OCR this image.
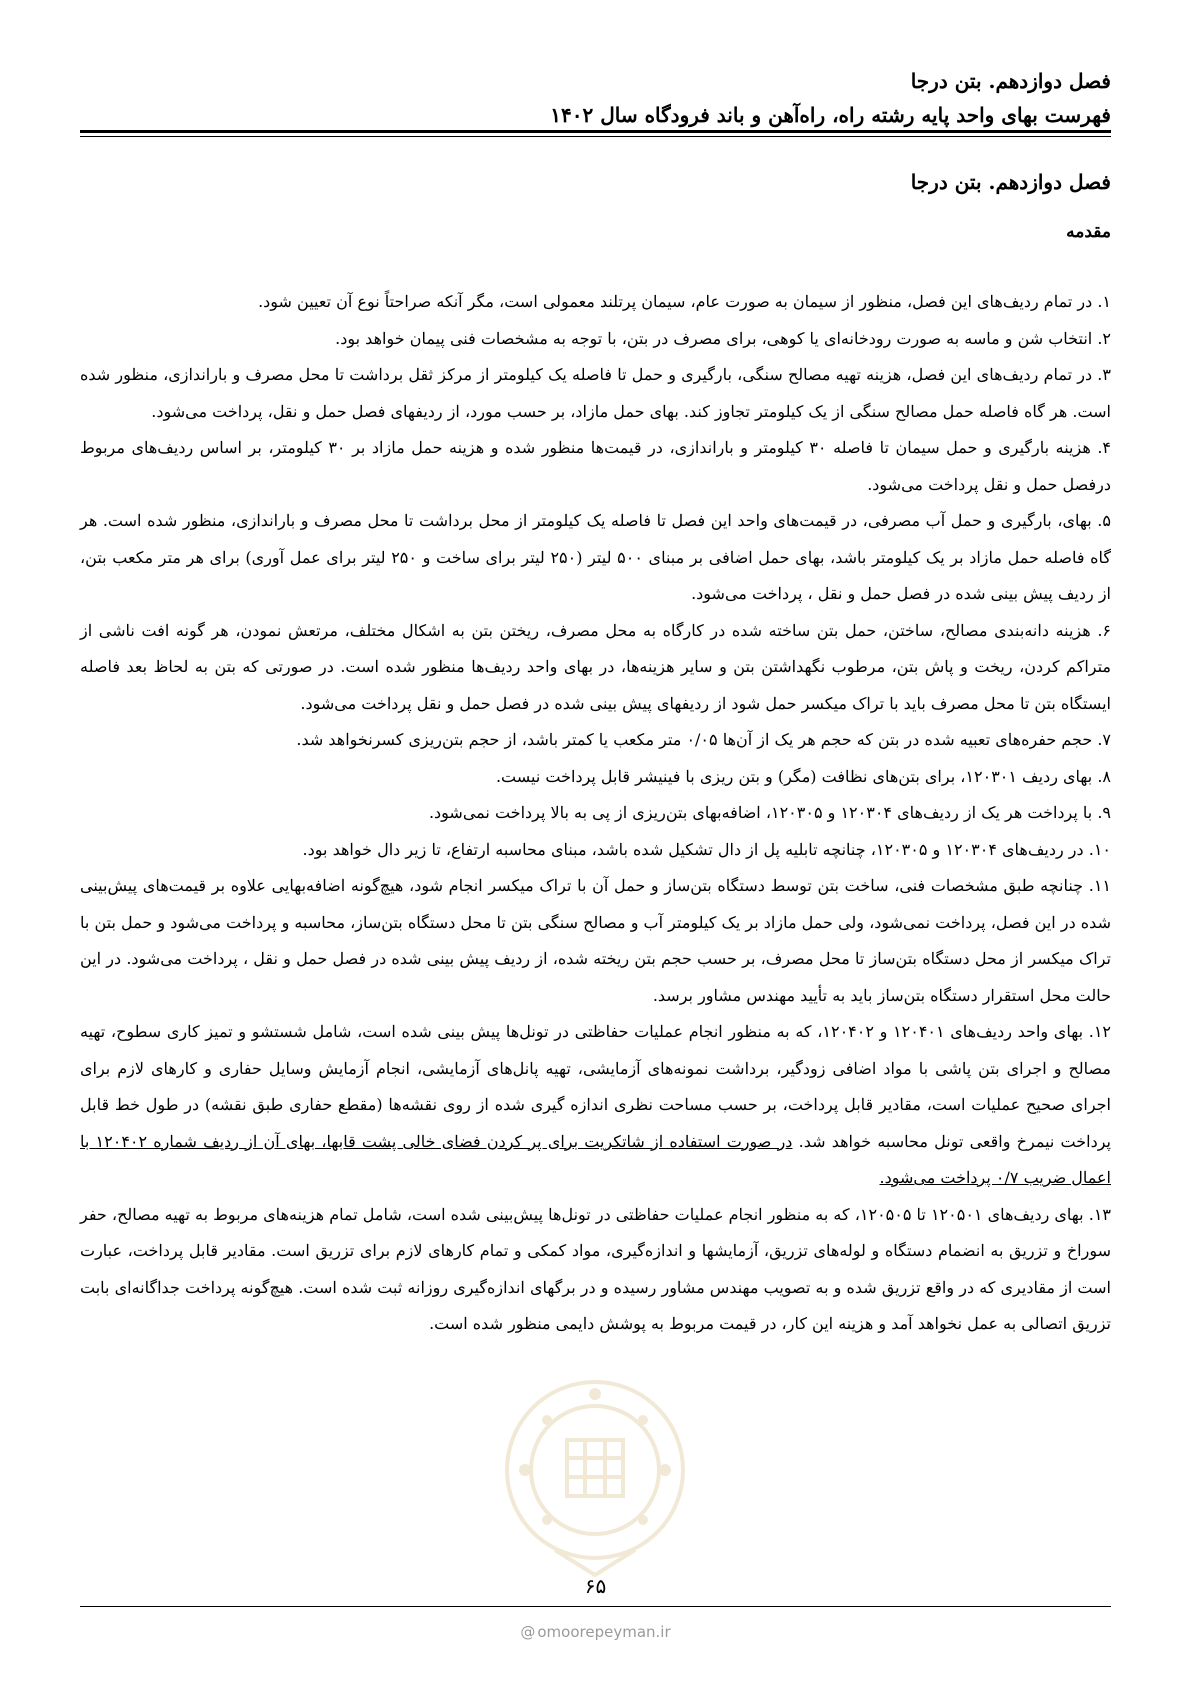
فصل دوازدهم. بتن درجا
فهرست بهای واحد پایه رشته راه، راه‌آهن و باند فرودگاه سال ۱۴۰۲
فصل دوازدهم. بتن درجا
مقدمه

۱. در تمام ردیف‌های این فصل، منظور از سیمان به صورت عام، سیمان پرتلند معمولی است، مگر آنکه صراحتاً نوع آن تعیین شود.

۲. انتخاب شن و ماسه به صورت رودخانه‌ای یا کوهی، برای مصرف در بتن، با توجه به مشخصات فنی پیمان خواهد بود.

۳. در تمام ردیف‌های این فصل، هزینه تهیه مصالح سنگی، بارگیری و حمل تا فاصله یک کیلومتر از مرکز ثقل برداشت تا محل مصرف و باراندازی، منظور شده است. هر گاه فاصله حمل مصالح سنگی از یک کیلومتر تجاوز کند. بهای حمل مازاد، بر حسب مورد، از ردیفهای فصل حمل و نقل، پرداخت می‌شود.

۴. هزینه بارگیری و حمل سیمان تا فاصله ۳۰ کیلومتر و باراندازی، در قیمت‌ها منظور شده و هزینه حمل مازاد بر ۳۰ کیلومتر، بر اساس ردیف‌های مربوط درفصل حمل و نقل پرداخت می‌شود.

۵. بهای، بارگیری و حمل آب مصرفی، در قیمت‌های واحد این فصل تا فاصله یک کیلومتر از محل برداشت تا محل مصرف و باراندازی، منظور شده است. هر گاه فاصله حمل مازاد بر یک کیلومتر باشد، بهای حمل اضافی بر مبنای ۵۰۰ لیتر (۲۵۰ لیتر برای ساخت و ۲۵۰ لیتر برای عمل آوری) برای هر متر مکعب بتن، از ردیف پیش بینی شده در فصل حمل و نقل ، پرداخت می‌شود.

۶. هزینه دانه‌بندی مصالح، ساختن، حمل بتن ساخته شده در کارگاه به محل مصرف، ریختن بتن به اشکال مختلف، مرتعش نمودن، هر گونه افت ناشی از متراکم کردن، ریخت و پاش بتن، مرطوب نگهداشتن بتن و سایر هزینه‌ها، در بهای واحد ردیف‌ها منظور شده است. در صورتی که بتن به لحاظ بعد فاصله ایستگاه بتن تا محل مصرف باید با تراک میکسر حمل شود از ردیفهای پیش بینی شده در فصل حمل و نقل پرداخت می‌شود.

۷. حجم حفره‌های تعبیه شده در بتن که حجم هر یک از آن‌ها ۰/۰۵ متر مکعب یا کمتر باشد، از حجم بتن‌ریزی کسرنخواهد شد.

۸. بهای ردیف ۱۲۰۳۰۱، برای بتن‌های نظافت (مگر) و بتن ریزی با فینیشر قابل پرداخت نیست.

۹. با پرداخت هر یک از ردیف‌های ۱۲۰۳۰۴ و ۱۲۰۳۰۵، اضافه‌بهای بتن‌ریزی از پی به بالا پرداخت نمی‌شود.

۱۰. در ردیف‌های ۱۲۰۳۰۴ و ۱۲۰۳۰۵، چنانچه تابلیه پل از دال تشکیل شده باشد، مبنای محاسبه ارتفاع، تا زیر دال خواهد بود.

۱۱. چنانچه طبق مشخصات فنی، ساخت بتن توسط دستگاه بتن‌ساز و حمل آن با تراک میکسر انجام شود، هیچ‌گونه اضافه‌بهایی علاوه بر قیمت‌های پیش‌بینی شده در این فصل، پرداخت نمی‌شود، ولی حمل مازاد بر یک کیلومتر آب و مصالح سنگی بتن تا محل دستگاه بتن‌ساز، محاسبه و پرداخت می‌شود و حمل بتن با تراک میکسر از محل دستگاه بتن‌ساز تا محل مصرف، بر حسب حجم بتن ریخته شده، از ردیف پیش بینی شده در فصل حمل و نقل ، پرداخت می‌شود. در این حالت محل استقرار دستگاه بتن‌ساز باید به تأیید مهندس مشاور برسد.

۱۲. بهای واحد ردیف‌های ۱۲۰۴۰۱ و ۱۲۰۴۰۲، که به منظور انجام عملیات حفاظتی در تونل‌ها پیش بینی شده است، شامل شستشو و تمیز کاری سطوح، تهیه مصالح و اجرای بتن پاشی با مواد اضافی زودگیر، برداشت نمونه‌های آزمایشی، تهیه پانل‌های آزمایشی، انجام آزمایش وسایل حفاری و کارهای لازم برای اجرای صحیح عملیات است، مقادیر قابل پرداخت، بر حسب مساحت نظری اندازه گیری شده از روی نقشه‌ها (مقطع حفاری طبق نقشه) در طول خط قابل پرداخت نیمرخ واقعی تونل محاسبه خواهد شد. در صورت استفاده از شاتکریت برای پر کردن فضای خالی پشت قابها، بهای آن از ردیف شماره ۱۲۰۴۰۲ با اعمال ضریب ۰/۷ پرداخت می‌شود.

۱۳. بهای ردیف‌های ۱۲۰۵۰۱ تا ۱۲۰۵۰۵، که به منظور انجام عملیات حفاظتی در تونل‌ها پیش‌بینی شده است، شامل تمام هزینه‌های مربوط به تهیه مصالح، حفر سوراخ و تزریق به انضمام دستگاه و لوله‌های تزریق، آزمایشها و اندازه‌گیری، مواد کمکی و تمام کارهای لازم برای تزریق است. مقادیر قابل پرداخت، عبارت است از مقادیری که در واقع تزریق شده و به تصویب مهندس مشاور رسیده و در برگهای اندازه‌گیری روزانه ثبت شده است. هیچ‌گونه پرداخت جداگانه‌ای بابت تزریق اتصالی به عمل نخواهد آمد و هزینه این کار، در قیمت مربوط به پوشش دایمی منظور شده است.

۶۵
@ omoorepeyman.ir
